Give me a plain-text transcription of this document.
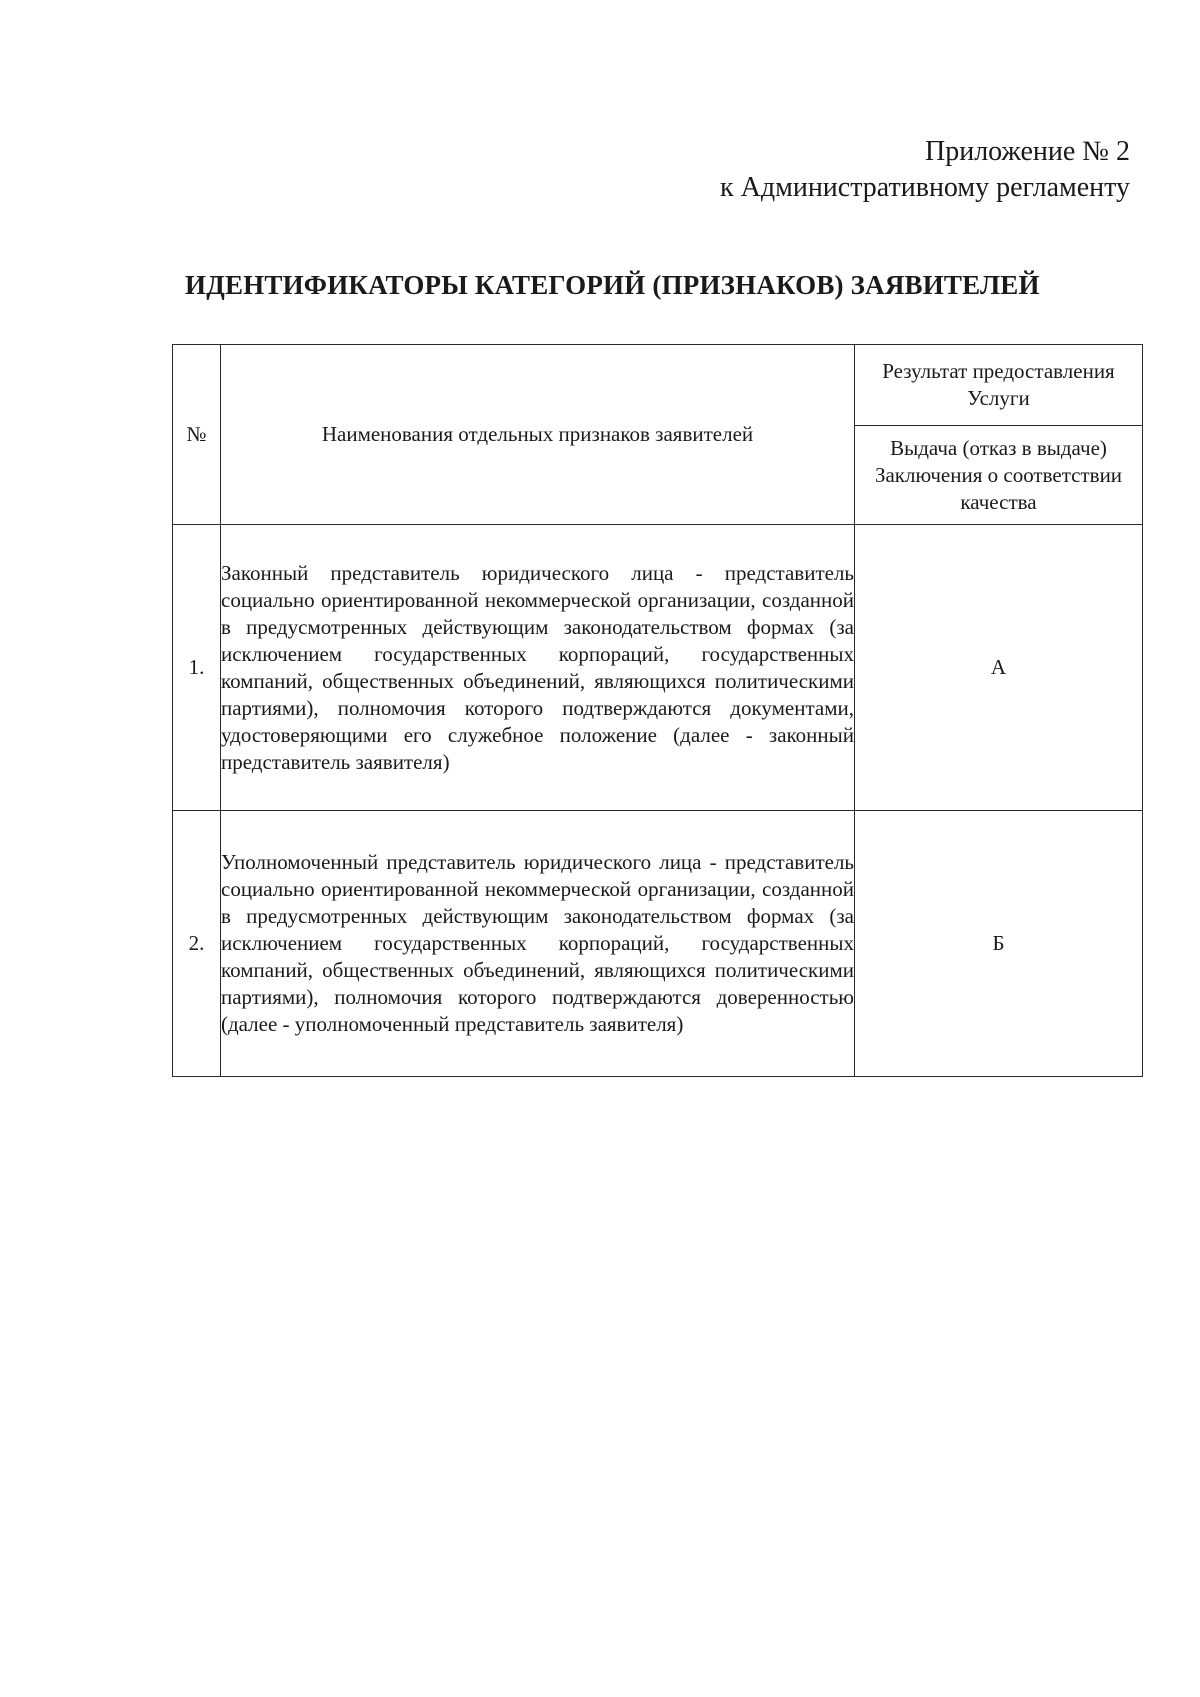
Приложение № 2
к Административному регламенту
ИДЕНТИФИКАТОРЫ КАТЕГОРИЙ (ПРИЗНАКОВ) ЗАЯВИТЕЛЕЙ
№	Наименования отдельных признаков заявителей	Результат предоставления Услуги
		Выдача (отказ в выдаче) Заключения о соответствии качества
1.	Законный представитель юридического лица - представитель социально ориентированной некоммерческой организации, созданной в предусмотренных действующим законодательством формах (за исключением государственных корпораций, государственных компаний, общественных объединений, являющихся политическими партиями), полномочия которого подтверждаются документами, удостоверяющими его служебное положение (далее - законный представитель заявителя)	А
2.	Уполномоченный представитель юридического лица - представитель социально ориентированной некоммерческой организации, созданной в предусмотренных действующим законодательством формах (за исключением государственных корпораций, государственных компаний, общественных объединений, являющихся политическими партиями), полномочия которого подтверждаются доверенностью (далее - уполномоченный представитель заявителя)	Б
